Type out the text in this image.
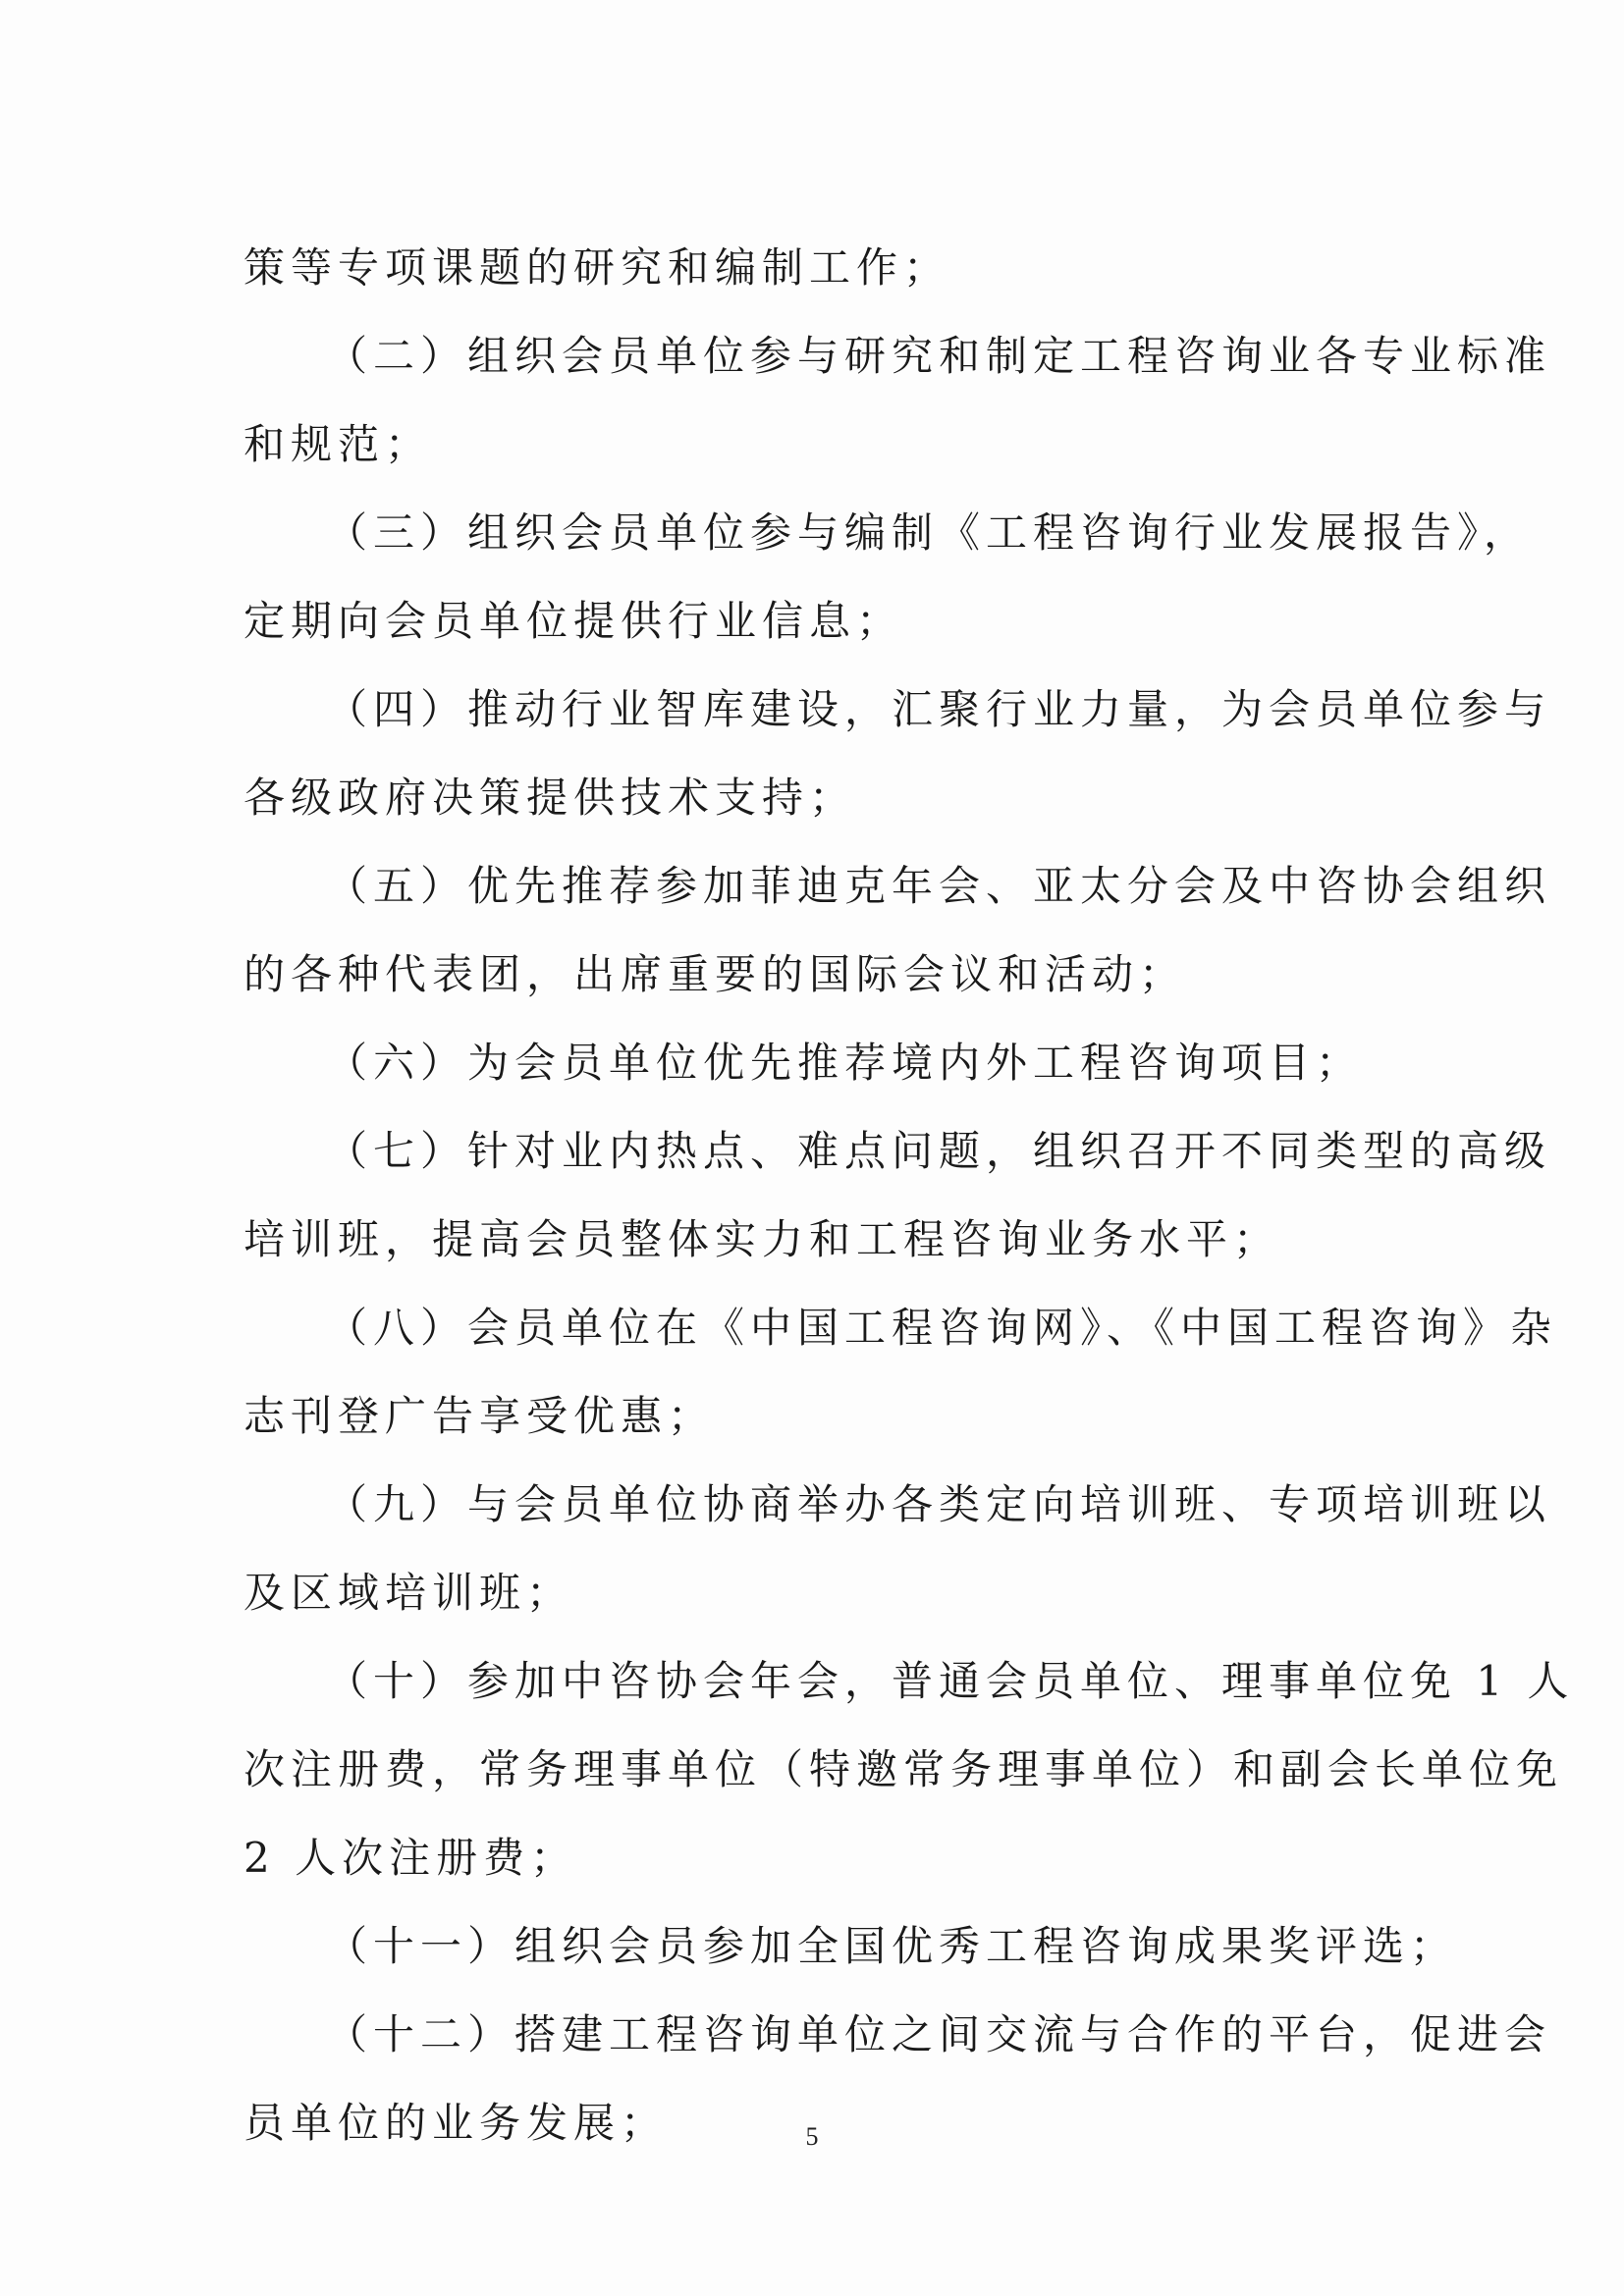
策等专项课题的研究和编制工作；
（二）组织会员单位参与研究和制定工程咨询业各专业标准
和规范；
（三）组织会员单位参与编制《工程咨询行业发展报告》，
定期向会员单位提供行业信息；
（四）推动行业智库建设，汇聚行业力量，为会员单位参与
各级政府决策提供技术支持；
（五）优先推荐参加菲迪克年会、亚太分会及中咨协会组织
的各种代表团，出席重要的国际会议和活动；
（六）为会员单位优先推荐境内外工程咨询项目；
（七）针对业内热点、难点问题，组织召开不同类型的高级
培训班，提高会员整体实力和工程咨询业务水平；
（八）会员单位在《中国工程咨询网》、《中国工程咨询》杂
志刊登广告享受优惠；
（九）与会员单位协商举办各类定向培训班、专项培训班以
及区域培训班；
（十）参加中咨协会年会，普通会员单位、理事单位免 1 人
次注册费，常务理事单位（特邀常务理事单位）和副会长单位免
2 人次注册费；
（十一）组织会员参加全国优秀工程咨询成果奖评选；
（十二）搭建工程咨询单位之间交流与合作的平台，促进会
员单位的业务发展；	5
